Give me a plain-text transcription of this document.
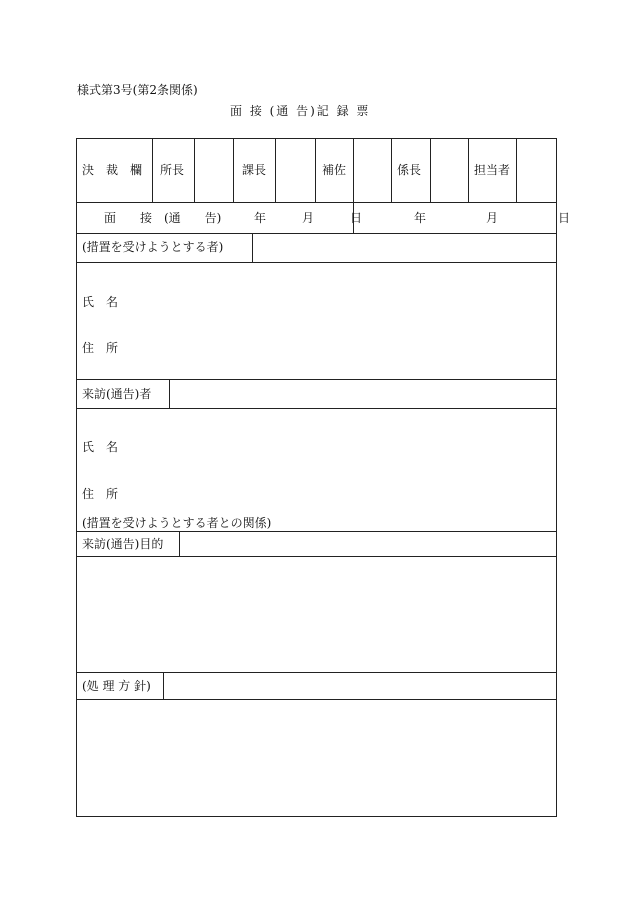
様式第3号(第2条関係)
面 接 (通 告)記 録 票
決　裁　欄 所長	課長	補佐	係長	担当者
面　　接　(通　　告)	年　　　月　　　日	年　　　　　月　　　　　日
(措置を受けようとする者)
氏　名
住　所
来訪(通告)者
氏　名
住　所
(措置を受けようとする者との関係)
来訪(通告)目的
(処 理 方 針)
